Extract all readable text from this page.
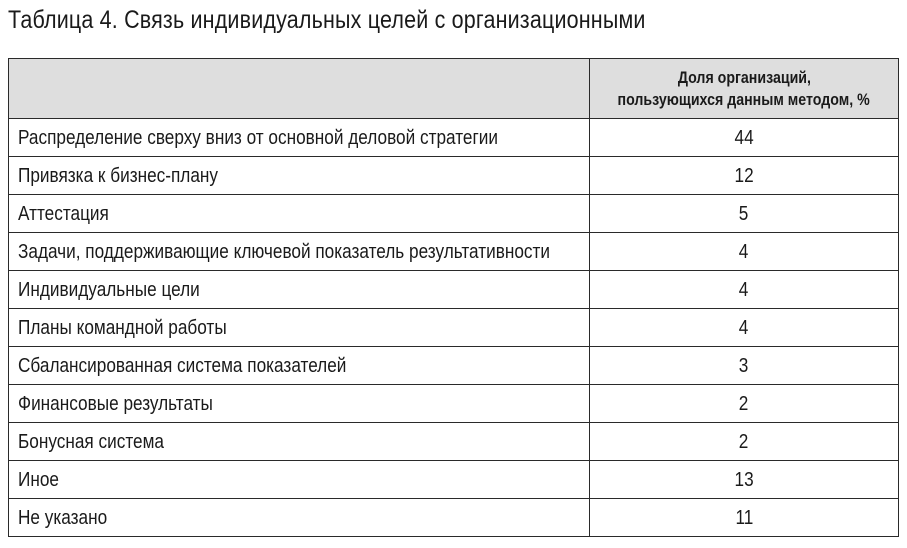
Таблица 4. Связь индивидуальных целей с организационными
	Доля организаций,
пользующихся данным методом, %
Распределение сверху вниз от основной деловой стратегии	44
Привязка к бизнес-плану	12
Аттестация	5
Задачи, поддерживающие ключевой показатель результативности	4
Индивидуальные цели	4
Планы командной работы	4
Сбалансированная система показателей	3
Финансовые результаты	2
Бонусная система	2
Иное	13
Не указано	11
